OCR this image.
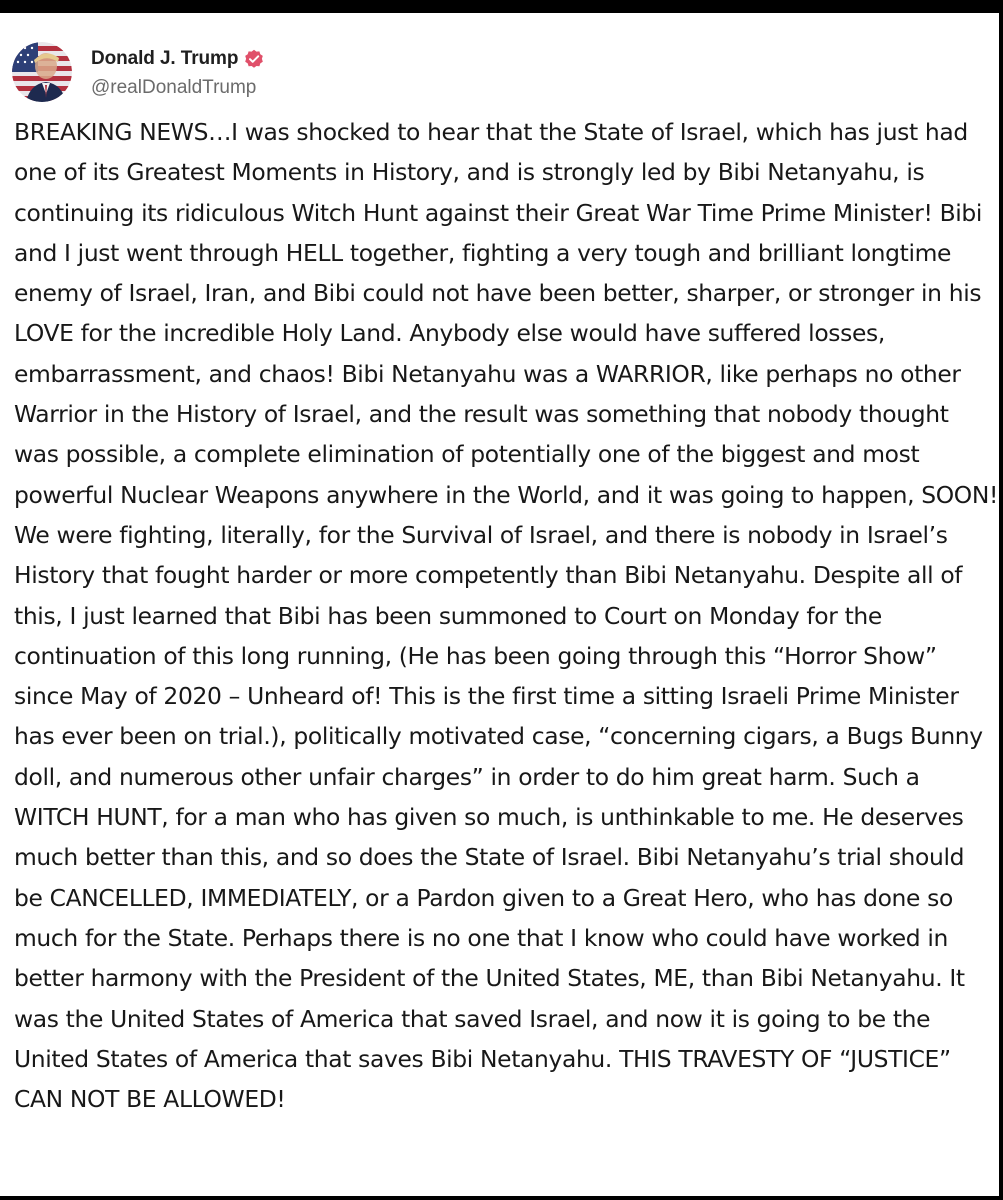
Donald J. Trump
@realDonaldTrump

BREAKING NEWS…I was shocked to hear that the State of Israel, which has just had one of its Greatest Moments in History, and is strongly led by Bibi Netanyahu, is continuing its ridiculous Witch Hunt against their Great War Time Prime Minister! Bibi and I just went through HELL together, fighting a very tough and brilliant longtime enemy of Israel, Iran, and Bibi could not have been better, sharper, or stronger in his LOVE for the incredible Holy Land. Anybody else would have suffered losses, embarrassment, and chaos! Bibi Netanyahu was a WARRIOR, like perhaps no other Warrior in the History of Israel, and the result was something that nobody thought was possible, a complete elimination of potentially one of the biggest and most powerful Nuclear Weapons anywhere in the World, and it was going to happen, SOON! We were fighting, literally, for the Survival of Israel, and there is nobody in Israel’s History that fought harder or more competently than Bibi Netanyahu. Despite all of this, I just learned that Bibi has been summoned to Court on Monday for the continuation of this long running, (He has been going through this “Horror Show” since May of 2020 – Unheard of! This is the first time a sitting Israeli Prime Minister has ever been on trial.), politically motivated case, “concerning cigars, a Bugs Bunny doll, and numerous other unfair charges” in order to do him great harm. Such a WITCH HUNT, for a man who has given so much, is unthinkable to me. He deserves much better than this, and so does the State of Israel. Bibi Netanyahu’s trial should be CANCELLED, IMMEDIATELY, or a Pardon given to a Great Hero, who has done so much for the State. Perhaps there is no one that I know who could have worked in better harmony with the President of the United States, ME, than Bibi Netanyahu. It was the United States of America that saved Israel, and now it is going to be the United States of America that saves Bibi Netanyahu. THIS TRAVESTY OF “JUSTICE” CAN NOT BE ALLOWED!
